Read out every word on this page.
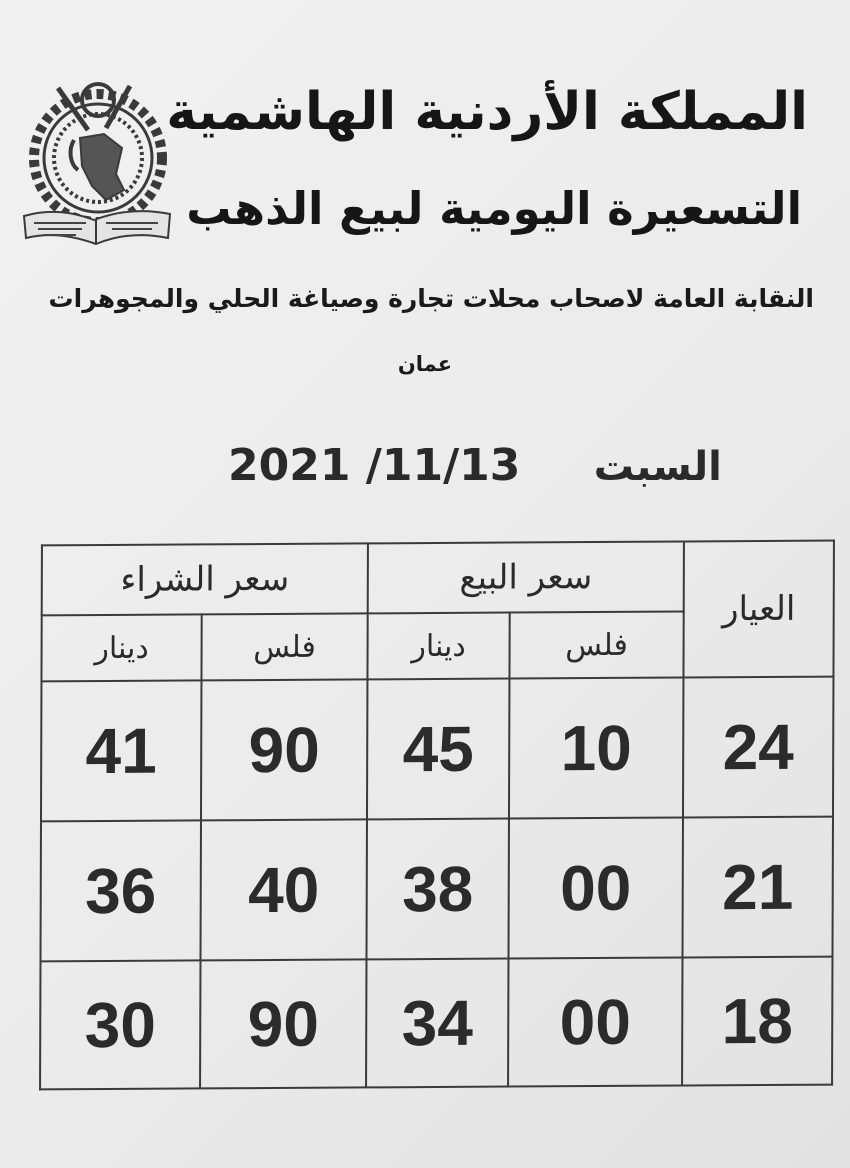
المملكة الأردنية الهاشمية
التسعيرة اليومية لبيع الذهب
النقابة العامة لاصحاب محلات تجارة وصياغة الحلي والمجوهرات
عمان
2021 /11/13 السبت
سعر الشراء		سعر البيع		العيار
دينار	فلس	دينار	فلس	
41	90	45	10	24
36	40	38	00	21
30	90	34	00	18
